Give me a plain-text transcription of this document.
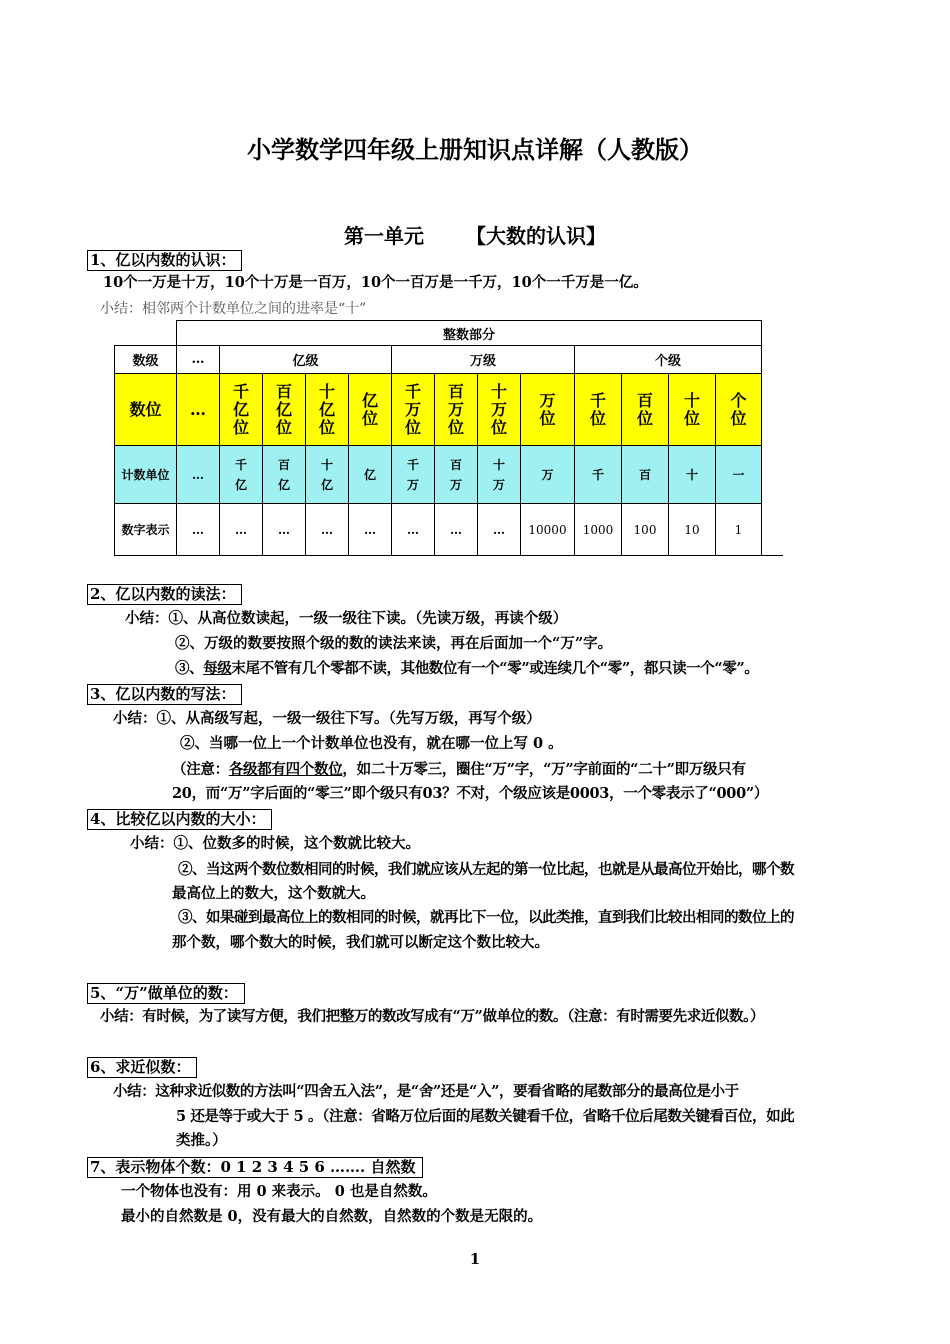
小学数学四年级上册知识点详解（人教版）
第一单元 【大数的认识】
1、亿以内数的认识：
10个一万是十万，10个十万是一百万，10个一百万是一千万，10个一千万是一亿。
小结：相邻两个计数单位之间的进率是“十”
	整数部分													
数级	…	亿级				万级				个级				
数位	…	千亿位	百亿位	十亿位	亿位	千万位	百万位	十万位	万位	千位	百位	十位	个位	
计数单位	…	千亿	百亿	十亿	亿	千万	百万	十万	万	千	百	十	一	
数字表示	…	…	…	…	…	…	…	…	10000	1000	100	10	1	
2、亿以内数的读法：
小结：①、从高位数读起，一级一级往下读。（先读万级，再读个级）
②、万级的数要按照个级的数的读法来读，再在后面加一个“万”字。
③、每级末尾不管有几个零都不读，其他数位有一个“零”或连续几个“零”，都只读一个“零”。
3、亿以内数的写法：
小结：①、从高级写起，一级一级往下写。（先写万级，再写个级）
②、当哪一位上一个计数单位也没有，就在哪一位上写 0 。
（注意：各级都有四个数位，如二十万零三，圈住“万”字，“万”字前面的“二十”即万级只有
20，而“万”字后面的“零三”即个级只有03？不对，个级应该是0003，一个零表示了“000”）
4、比较亿以内数的大小：
小结：①、位数多的时候，这个数就比较大。
②、当这两个数位数相同的时候，我们就应该从左起的第一位比起，也就是从最高位开始比，哪个数
最高位上的数大，这个数就大。
③、如果碰到最高位上的数相同的时候，就再比下一位，以此类推，直到我们比较出相同的数位上的
那个数，哪个数大的时候，我们就可以断定这个数比较大。
5、“万”做单位的数：
小结：有时候，为了读写方便，我们把整万的数改写成有“万”做单位的数。（注意：有时需要先求近似数。）
6、求近似数：
小结：这种求近似数的方法叫“四舍五入法”，是“舍”还是“入”，要看省略的尾数部分的最高位是小于
5 还是等于或大于 5 。（注意：省略万位后面的尾数关键看千位，省略千位后尾数关键看百位，如此
类推。）
7、表示物体个数：0 1 2 3 4 5 6 ……. 自然数
一个物体也没有：用 0 来表示。 0 也是自然数。
最小的自然数是 0，没有最大的自然数，自然数的个数是无限的。
1
